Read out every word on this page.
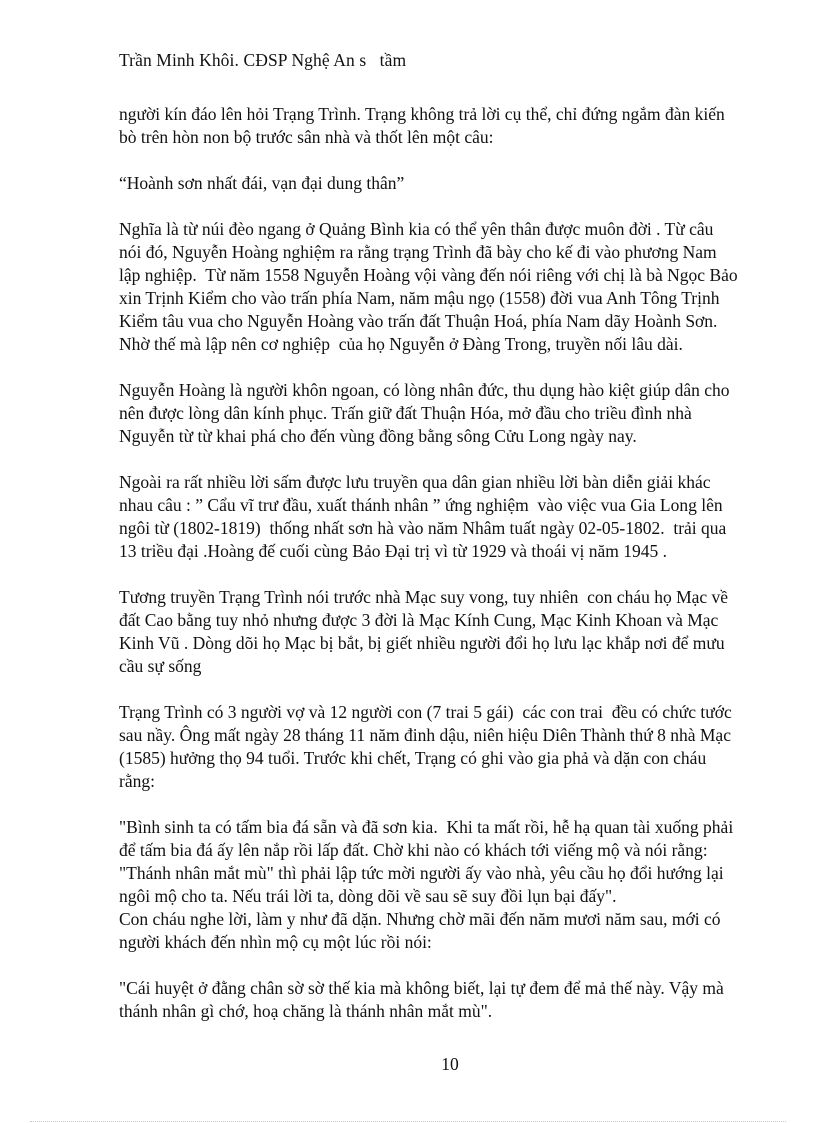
Trần Minh Khôi. CĐSP Nghệ An s   tầm
người kín đáo lên hỏi Trạng Trình. Trạng không trả lời cụ thể, chỉ đứng ngắm đàn kiến
bò trên hòn non bộ trước sân nhà và thốt lên một câu:
“Hoành sơn nhất đái, vạn đại dung thân”
Nghĩa là từ núi đèo ngang ở Quảng Bình kia có thể yên thân được muôn đời . Từ câu
nói đó, Nguyễn Hoàng nghiệm ra rằng trạng Trình đã bày cho kế đi vào phương Nam
lập nghiệp.  Từ năm 1558 Nguyễn Hoàng vội vàng đến nói riêng với chị là bà Ngọc Bảo
xin Trịnh Kiểm cho vào trấn phía Nam, năm mậu ngọ (1558) đời vua Anh Tông Trịnh
Kiểm tâu vua cho Nguyễn Hoàng vào trấn đất Thuận Hoá, phía Nam dãy Hoành Sơn.
Nhờ thế mà lập nên cơ nghiệp  của họ Nguyễn ở Đàng Trong, truyền nối lâu dài.
Nguyễn Hoàng là người khôn ngoan, có lòng nhân đức, thu dụng hào kiệt giúp dân cho
nên được lòng dân kính phục. Trấn giữ đất Thuận Hóa, mở đầu cho triều đình nhà
Nguyễn từ từ khai phá cho đến vùng đồng bằng sông Cửu Long ngày nay.
Ngoài ra rất nhiều lời sấm được lưu truyền qua dân gian nhiều lời bàn diễn giải khác
nhau câu : ” Cẩu vĩ trư đầu, xuất thánh nhân ” ứng nghiệm  vào việc vua Gia Long lên
ngôi từ (1802-1819)  thống nhất sơn hà vào năm Nhâm tuất ngày 02-05-1802.  trải qua
13 triều đại .Hoàng đế cuối cùng Bảo Đại trị vì từ 1929 và thoái vị năm 1945 .
Tương truyền Trạng Trình nói trước nhà Mạc suy vong, tuy nhiên  con cháu họ Mạc về
đất Cao bằng tuy nhỏ nhưng được 3 đời là Mạc Kính Cung, Mạc Kinh Khoan và Mạc
Kinh Vũ . Dòng dõi họ Mạc bị bắt, bị giết nhiều người đổi họ lưu lạc khắp nơi để mưu
cầu sự sống
Trạng Trình có 3 người vợ và 12 người con (7 trai 5 gái)  các con trai  đều có chức tước
sau nầy. Ông mất ngày 28 tháng 11 năm đinh dậu, niên hiệu Diên Thành thứ 8 nhà Mạc
(1585) hưởng thọ 94 tuổi. Trước khi chết, Trạng có ghi vào gia phả và dặn con cháu
rằng:
"Bình sinh ta có tấm bia đá sẵn và đã sơn kia.  Khi ta mất rồi, hễ hạ quan tài xuống phải
để tấm bia đá ấy lên nắp rồi lấp đất. Chờ khi nào có khách tới viếng mộ và nói rằng:
"Thánh nhân mắt mù" thì phải lập tức mời người ấy vào nhà, yêu cầu họ đổi hướng lại
ngôi mộ cho ta. Nếu trái lời ta, dòng dõi về sau sẽ suy đồi lụn bại đấy".
Con cháu nghe lời, làm y như đã dặn. Nhưng chờ mãi đến năm mươi năm sau, mới có
người khách đến nhìn mộ cụ một lúc rồi nói:
"Cái huyệt ở đằng chân sờ sờ thế kia mà không biết, lại tự đem để mả thế này. Vậy mà
thánh nhân gì chớ, hoạ chăng là thánh nhân mắt mù".
10
